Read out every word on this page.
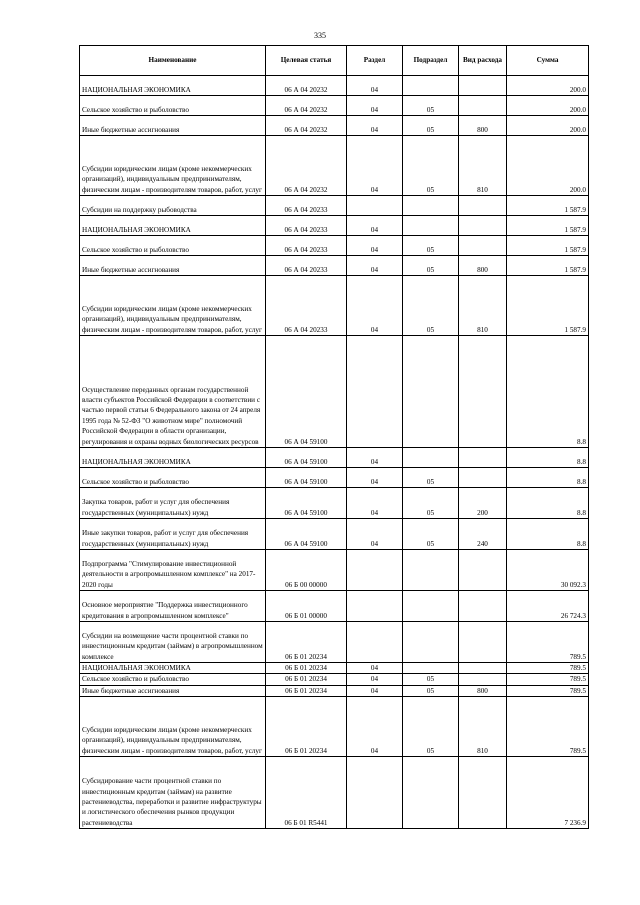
335
Наименование	Целевая статья	Раздел	Подраздел	Вид расхода	Сумма
НАЦИОНАЛЬНАЯ ЭКОНОМИКА	06 А 04 20232	04			200.0
Сельское хозяйство и рыболовство	06 А 04 20232	04	05		200.0
Иные бюджетные ассигнования	06 А 04 20232	04	05	800	200.0
Субсидии юридическим лицам (кроме некоммерческих организаций), индивидуальным предпринимателям, физическим лицам - производителям товаров, работ, услуг	06 А 04 20232	04	05	810	200.0
Субсидии на поддержку рыбоводства	06 А 04 20233				1 587.9
НАЦИОНАЛЬНАЯ ЭКОНОМИКА	06 А 04 20233	04			1 587.9
Сельское хозяйство и рыболовство	06 А 04 20233	04	05		1 587.9
Иные бюджетные ассигнования	06 А 04 20233	04	05	800	1 587.9
Субсидии юридическим лицам (кроме некоммерческих организаций), индивидуальным предпринимателям, физическим лицам - производителям товаров, работ, услуг	06 А 04 20233	04	05	810	1 587.9
Осуществление переданных органам государственной власти субъектов Российской Федерации в соответствии с частью первой статьи 6 Федерального закона от 24 апреля 1995 года № 52-ФЗ "О животном мире" полномочий Российской Федерации в области организации, регулирования и охраны водных биологических ресурсов	06 А 04 59100				8.8
НАЦИОНАЛЬНАЯ ЭКОНОМИКА	06 А 04 59100	04			8.8
Сельское хозяйство и рыболовство	06 А 04 59100	04	05		8.8
Закупка товаров, работ и услуг для обеспечения государственных (муниципальных) нужд	06 А 04 59100	04	05	200	8.8
Иные закупки товаров, работ и услуг для обеспечения государственных (муниципальных) нужд	06 А 04 59100	04	05	240	8.8
Подпрограмма "Стимулирование инвестиционной деятельности в агропромышленном комплексе" на 2017-2020 годы	06 Б 00 00000				30 092.3
Основное мероприятие "Поддержка инвестиционного кредитования в агропромышленном комплексе"	06 Б 01 00000				26 724.3
Субсидии на возмещение части процентной ставки по инвестиционным кредитам (займам) в агропромышленном комплексе	06 Б 01 20234				789.5
НАЦИОНАЛЬНАЯ ЭКОНОМИКА	06 Б 01 20234	04			789.5
Сельское хозяйство и рыболовство	06 Б 01 20234	04	05		789.5
Иные бюджетные ассигнования	06 Б 01 20234	04	05	800	789.5
Субсидии юридическим лицам (кроме некоммерческих организаций), индивидуальным предпринимателям, физическим лицам - производителям товаров, работ, услуг	06 Б 01 20234	04	05	810	789.5
Субсидирование части процентной ставки по инвестиционным кредитам (займам) на развитие растениеводства, переработки и развитие инфраструктуры и логистического обеспечения рынков продукции растениеводства	06 Б 01 R5441				7 236.9
